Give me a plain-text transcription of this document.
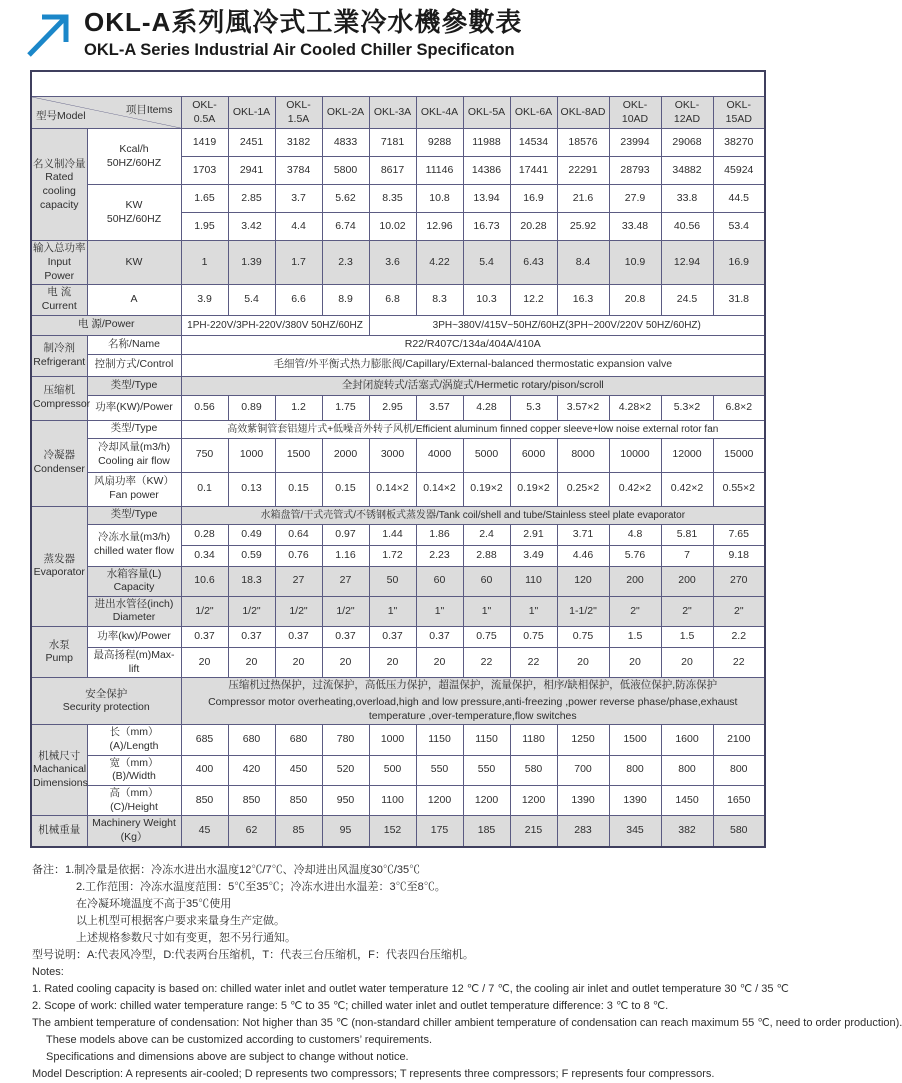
OKL-A系列風冷式工業冷水機參數表
OKL-A Series Industrial Air Cooled Chiller Specificaton
OKL-A系列风冷式工业冷水机参数表													

型号Model 项目Items		OKL-0.5A	OKL-1A	OKL-1.5A	OKL-2A	OKL-3A	OKL-4A	OKL-5A	OKL-6A	OKL-8AD	OKL-10AD	OKL-12AD	OKL-15AD
名义制冷量
Rated
cooling
capacity	Kcal/h
50HZ/60HZ	1419	2451	3182	4833	7181	9288	11988	14534	18576	23994	29068	38270
		1703	2941	3784	5800	8617	11146	14386	17441	22291	28793	34882	45924
	KW
50HZ/60HZ	1.65	2.85	3.7	5.62	8.35	10.8	13.94	16.9	21.6	27.9	33.8	44.5
		1.95	3.42	4.4	6.74	10.02	12.96	16.73	20.28	25.92	33.48	40.56	53.4
输入总功率
Input Power	KW	1	1.39	1.7	2.3	3.6	4.22	5.4	6.43	8.4	10.9	12.94	16.9
电 流
Current	A	3.9	5.4	6.6	8.9	6.8	8.3	10.3	12.2	16.3	20.8	24.5	31.8
电 源/Power		1PH-220V/3PH-220V/380V 50HZ/60HZ				3PH~380V/415V~50HZ/60HZ(3PH~200V/220V 50HZ/60HZ)							
制冷剂
Refrigerant	名称/Name	R22/R407C/134a/404A/410A											
	控制方式/Control	毛细管/外平衡式热力膨胀阀/Capillary/External-balanced thermostatic expansion valve											
压缩机
Compressor	类型/Type	全封闭旋转式/活塞式/涡旋式/Hermetic rotary/pison/scroll											
	功率(KW)/Power	0.56	0.89	1.2	1.75	2.95	3.57	4.28	5.3	3.57×2	4.28×2	5.3×2	6.8×2
冷凝器
Condenser	类型/Type	高效紫铜管套铝翅片式+低噪音外转子风机/Efficient aluminum finned copper sleeve+low noise external rotor fan											
	冷却风量(m3/h)
Cooling air flow	750	1000	1500	2000	3000	4000	5000	6000	8000	10000	12000	15000
	风扇功率（KW）
Fan power	0.1	0.13	0.15	0.15	0.14×2	0.14×2	0.19×2	0.19×2	0.25×2	0.42×2	0.42×2	0.55×2
蒸发器
Evaporator	类型/Type	水箱盘管/干式壳管式/不锈钢板式蒸发器/Tank coil/shell and tube/Stainless steel plate evaporator											
	冷冻水量(m3/h)
chilled water flow	0.28	0.49	0.64	0.97	1.44	1.86	2.4	2.91	3.71	4.8	5.81	7.65
		0.34	0.59	0.76	1.16	1.72	2.23	2.88	3.49	4.46	5.76	7	9.18
	水箱容量(L)
Capacity	10.6	18.3	27	27	50	60	60	110	120	200	200	270
	进出水管径(inch)
Diameter	1/2"	1/2"	1/2"	1/2"	1"	1"	1"	1"	1-1/2"	2"	2"	2"
水泵
Pump	功率(kw)/Power	0.37	0.37	0.37	0.37	0.37	0.37	0.75	0.75	0.75	1.5	1.5	2.2
	最高扬程(m)Max-lift	20	20	20	20	20	20	22	22	20	20	20	22
安全保护
Security protection	
压缩机过热保护，过流保护，高低压力保护，超温保护，流量保护，相序/缺相保护，低液位保护,防冻保护
Compressor motor overheating,overload,high and low pressure,anti-freezing ,power reverse phase/phase,exhaust temperature ,over-temperature,flow switches

机械尺寸
Machanical
Dimensions	长（mm）(A)/Length	685	680	680	780	1000	1150	1150	1180	1250	1500	1600	2100
	宽（mm）(B)/Width	400	420	450	520	500	550	550	580	700	800	800	800
	高（mm）(C)/Height	850	850	850	950	1100	1200	1200	1200	1390	1390	1450	1650
机械重量	Machinery Weight
(Kg）	45	62	85	95	152	175	185	215	283	345	382	580
备注：1.制冷量是依据：冷冻水进出水温度12℃/7℃、冷却进出风温度30℃/35℃
2.工作范围：冷冻水温度范围：5℃至35℃；冷冻水进出水温差：3℃至8℃。
在冷凝环境温度不高于35℃使用
以上机型可根据客户要求来量身生产定做。
上述规格参数尺寸如有变更，恕不另行通知。
型号说明：A:代表风冷型，D:代表两台压缩机，T：代表三台压缩机，F：代表四台压缩机。
Notes:
1. Rated cooling capacity is based on: chilled water inlet and outlet water temperature 12 ℃ / 7 ℃, the cooling air inlet and outlet temperature 30 ℃ / 35 ℃
2. Scope of work: chilled water temperature range: 5 ℃ to 35 ℃; chilled water inlet and outlet temperature difference: 3 ℃ to 8 ℃.
The ambient temperature of condensation: Not higher than 35 ℃ (non-standard chiller ambient temperature of condensation can reach maximum 55 ℃, need to order production).
These models above can be customized according to customers’ requirements.
Specifications and dimensions above are subject to change without notice.
Model Description: A represents air-cooled; D represents two compressors; T represents three compressors; F represents four compressors.
